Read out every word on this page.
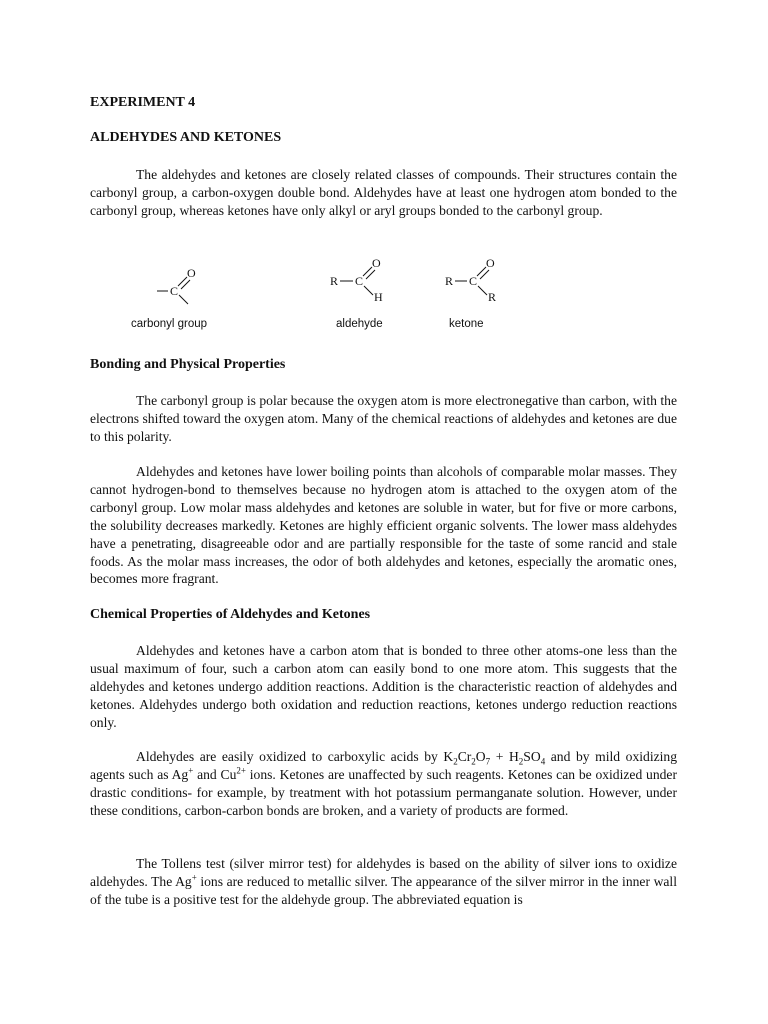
EXPERIMENT 4

ALDEHYDES AND KETONES

The aldehydes and ketones are closely related classes of compounds. Their structures contain the carbonyl group, a carbon-oxygen double bond. Aldehydes have at least one hydrogen atom bonded to the carbonyl group, whereas ketones have only alkyl or aryl groups bonded to the carbonyl group.

C
O
R C
O
H
R C
O
R

carbonyl group	aldehyde	ketone

Bonding and Physical Properties

The carbonyl group is polar because the oxygen atom is more electronegative than carbon, with the electrons shifted toward the oxygen atom. Many of the chemical reactions of aldehydes and ketones are due to this polarity.

Aldehydes and ketones have lower boiling points than alcohols of comparable molar masses. They cannot hydrogen-bond to themselves because no hydrogen atom is attached to the oxygen atom of the carbonyl group. Low molar mass aldehydes and ketones are soluble in water, but for five or more carbons, the solubility decreases markedly. Ketones are highly efficient organic solvents. The lower mass aldehydes have a penetrating, disagreeable odor and are partially responsible for the taste of some rancid and stale foods. As the molar mass increases, the odor of both aldehydes and ketones, especially the aromatic ones, becomes more fragrant.

Chemical Properties of Aldehydes and Ketones

Aldehydes and ketones have a carbon atom that is bonded to three other atoms-one less than the usual maximum of four, such a carbon atom can easily bond to one more atom. This suggests that the aldehydes and ketones undergo addition reactions. Addition is the characteristic reaction of aldehydes and ketones. Aldehydes undergo both oxidation and reduction reactions, ketones undergo reduction reactions only.

Aldehydes are easily oxidized to carboxylic acids by $K_2Cr_2O_7 + H_2SO_4$ and by mild oxidizing agents such as Ag+ and $Cu^{2+}$ ions. Ketones are unaffected by such reagents. Ketones can be oxidized under drastic conditions- for example, by treatment with hot potassium permanganate solution. However, under these conditions, carbon-carbon bonds are broken, and a variety of products are formed.

The Tollens test (silver mirror test) for aldehydes is based on the ability of silver ions to oxidize aldehydes. The Ag+ ions are reduced to metallic silver. The appearance of the silver mirror in the inner wall of the tube is a positive test for the aldehyde group. The abbreviated equation is
